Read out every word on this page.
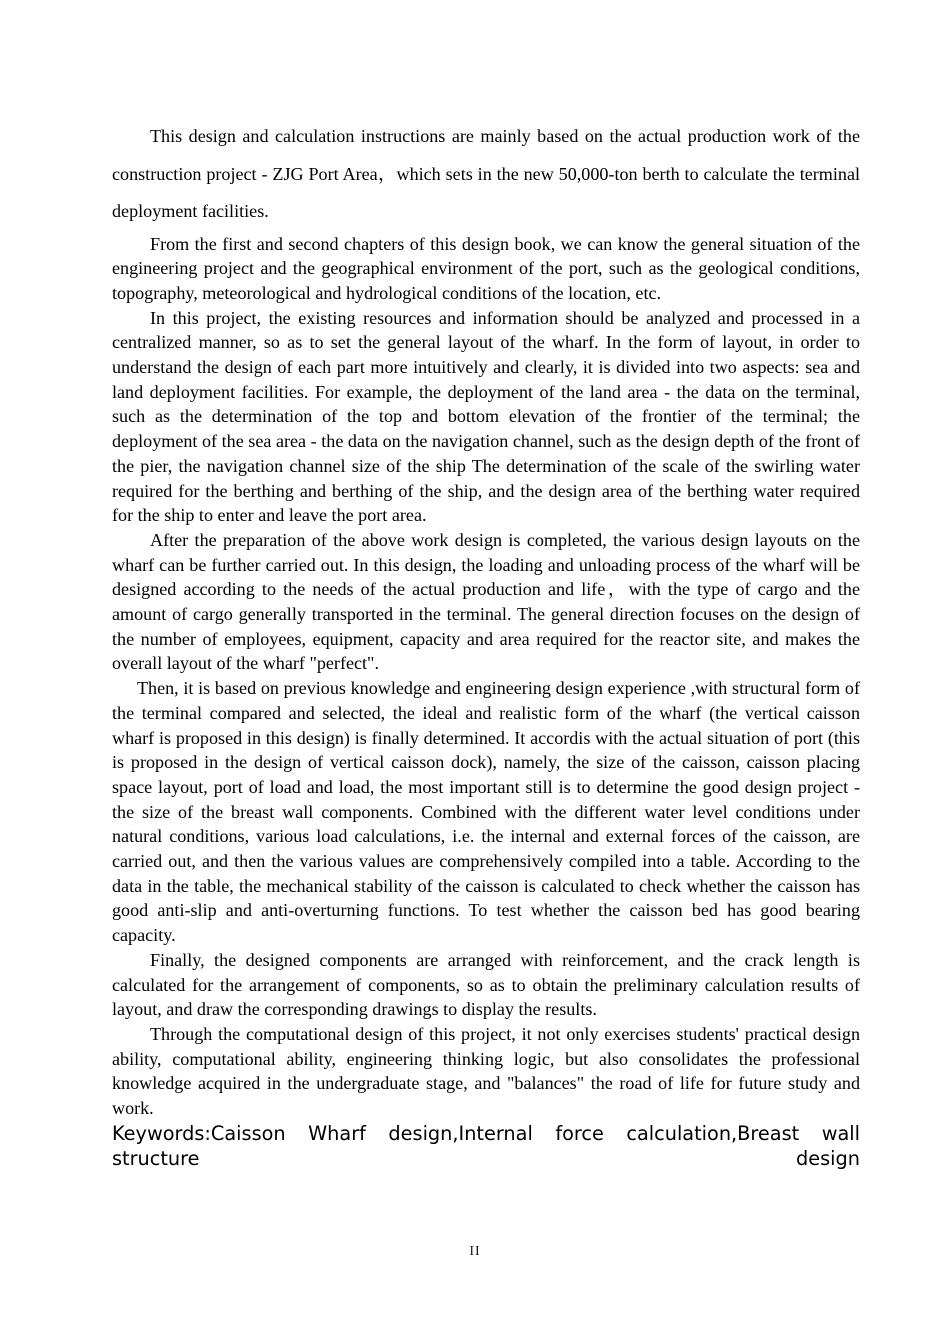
This design and calculation instructions are mainly based on the actual production work of the construction project - ZJG Port Area，which sets in the new 50,000-ton berth to calculate the terminal deployment facilities.

From the first and second chapters of this design book, we can know the general situation of the engineering project and the geographical environment of the port, such as the geological conditions, topography, meteorological and hydrological conditions of the location, etc.

In this project, the existing resources and information should be analyzed and processed in a centralized manner, so as to set the general layout of the wharf. In the form of layout, in order to understand the design of each part more intuitively and clearly, it is divided into two aspects: sea and land deployment facilities. For example, the deployment of the land area - the data on the terminal, such as the determination of the top and bottom elevation of the frontier of the terminal; the deployment of the sea area - the data on the navigation channel, such as the design depth of the front of the pier, the navigation channel size of the ship The determination of the scale of the swirling water required for the berthing and berthing of the ship, and the design area of the berthing water required for the ship to enter and leave the port area.

After the preparation of the above work design is completed, the various design layouts on the wharf can be further carried out. In this design, the loading and unloading process of the wharf will be designed according to the needs of the actual production and life，with the type of cargo and the amount of cargo generally transported in the terminal. The general direction focuses on the design of the number of employees, equipment, capacity and area required for the reactor site, and makes the overall layout of the wharf "perfect".

Then, it is based on previous knowledge and engineering design experience ,with structural form of the terminal compared and selected, the ideal and realistic form of the wharf (the vertical caisson wharf is proposed in this design) is finally determined. It accordis with the actual situation of port (this is proposed in the design of vertical caisson dock), namely, the size of the caisson, caisson placing space layout, port of load and load, the most important still is to determine the good design project - the size of the breast wall components. Combined with the different water level conditions under natural conditions, various load calculations, i.e. the internal and external forces of the caisson, are carried out, and then the various values are comprehensively compiled into a table. According to the data in the table, the mechanical stability of the caisson is calculated to check whether the caisson has good anti-slip and anti-overturning functions. To test whether the caisson bed has good bearing capacity.

Finally, the designed components are arranged with reinforcement, and the crack length is calculated for the arrangement of components, so as to obtain the preliminary calculation results of layout, and draw the corresponding drawings to display the results.

Through the computational design of this project, it not only exercises students' practical design ability, computational ability, engineering thinking logic, but also consolidates the professional knowledge acquired in the undergraduate stage, and "balances" the road of life for future study and work.

Keywords:Caisson Wharf design,Internal force calculation,Breast wall structure design

II
